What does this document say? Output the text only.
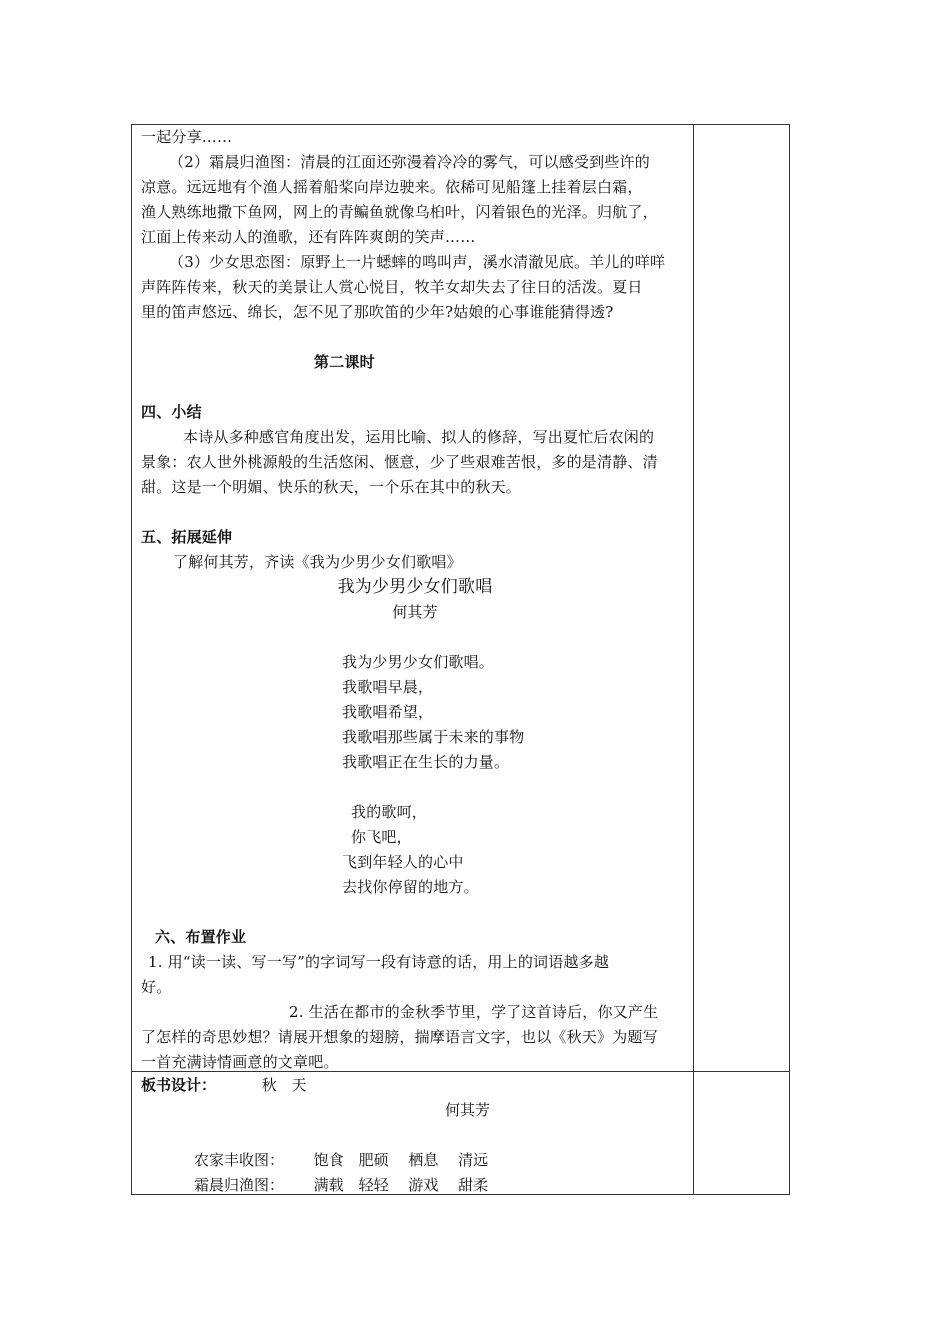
一起分享……

（2）霜晨归渔图：清晨的江面还弥漫着冷冷的雾气，可以感受到些许的

凉意。远远地有个渔人摇着船桨向岸边驶来。依稀可见船篷上挂着层白霜，

渔人熟练地撒下鱼网，网上的青鳊鱼就像乌桕叶，闪着银色的光泽。归航了，

江面上传来动人的渔歌，还有阵阵爽朗的笑声……

（3）少女思恋图：原野上一片蟋蟀的鸣叫声，溪水清澈见底。羊儿的咩咩

声阵阵传来，秋天的美景让人赏心悦目，牧羊女却失去了往日的活泼。夏日

里的笛声悠远、绵长，怎不见了那吹笛的少年?姑娘的心事谁能猜得透?

第二课时

四、小结

本诗从多种感官角度出发，运用比喻、拟人的修辞，写出夏忙后农闲的

景象：农人世外桃源般的生活悠闲、惬意，少了些艰难苦恨，多的是清静、清

甜。这是一个明媚、快乐的秋天，一个乐在其中的秋天。

五、拓展延伸

了解何其芳，齐读《我为少男少女们歌唱》

我为少男少女们歌唱

何其芳

我为少男少女们歌唱。

我歌唱早晨，

我歌唱希望，

我歌唱那些属于未来的事物

我歌唱正在生长的力量。

我的歌呵，

你飞吧，

飞到年轻人的心中

去找你停留的地方。

六、布置作业

1. 用“读一读、写一写”的字词写一段有诗意的话，用上的词语越多越

好。

2. 生活在都市的金秋季节里，学了这首诗后，你又产生

了怎样的奇思妙想？请展开想象的翅膀，揣摩语言文字，也以《秋天》为题写

一首充满诗情画意的文章吧。

板书设计：	秋　天

何其芳

农家丰收图： 饱食　肥硕　 栖息　 清远

霜晨归渔图： 满载　轻轻　 游戏　 甜柔
